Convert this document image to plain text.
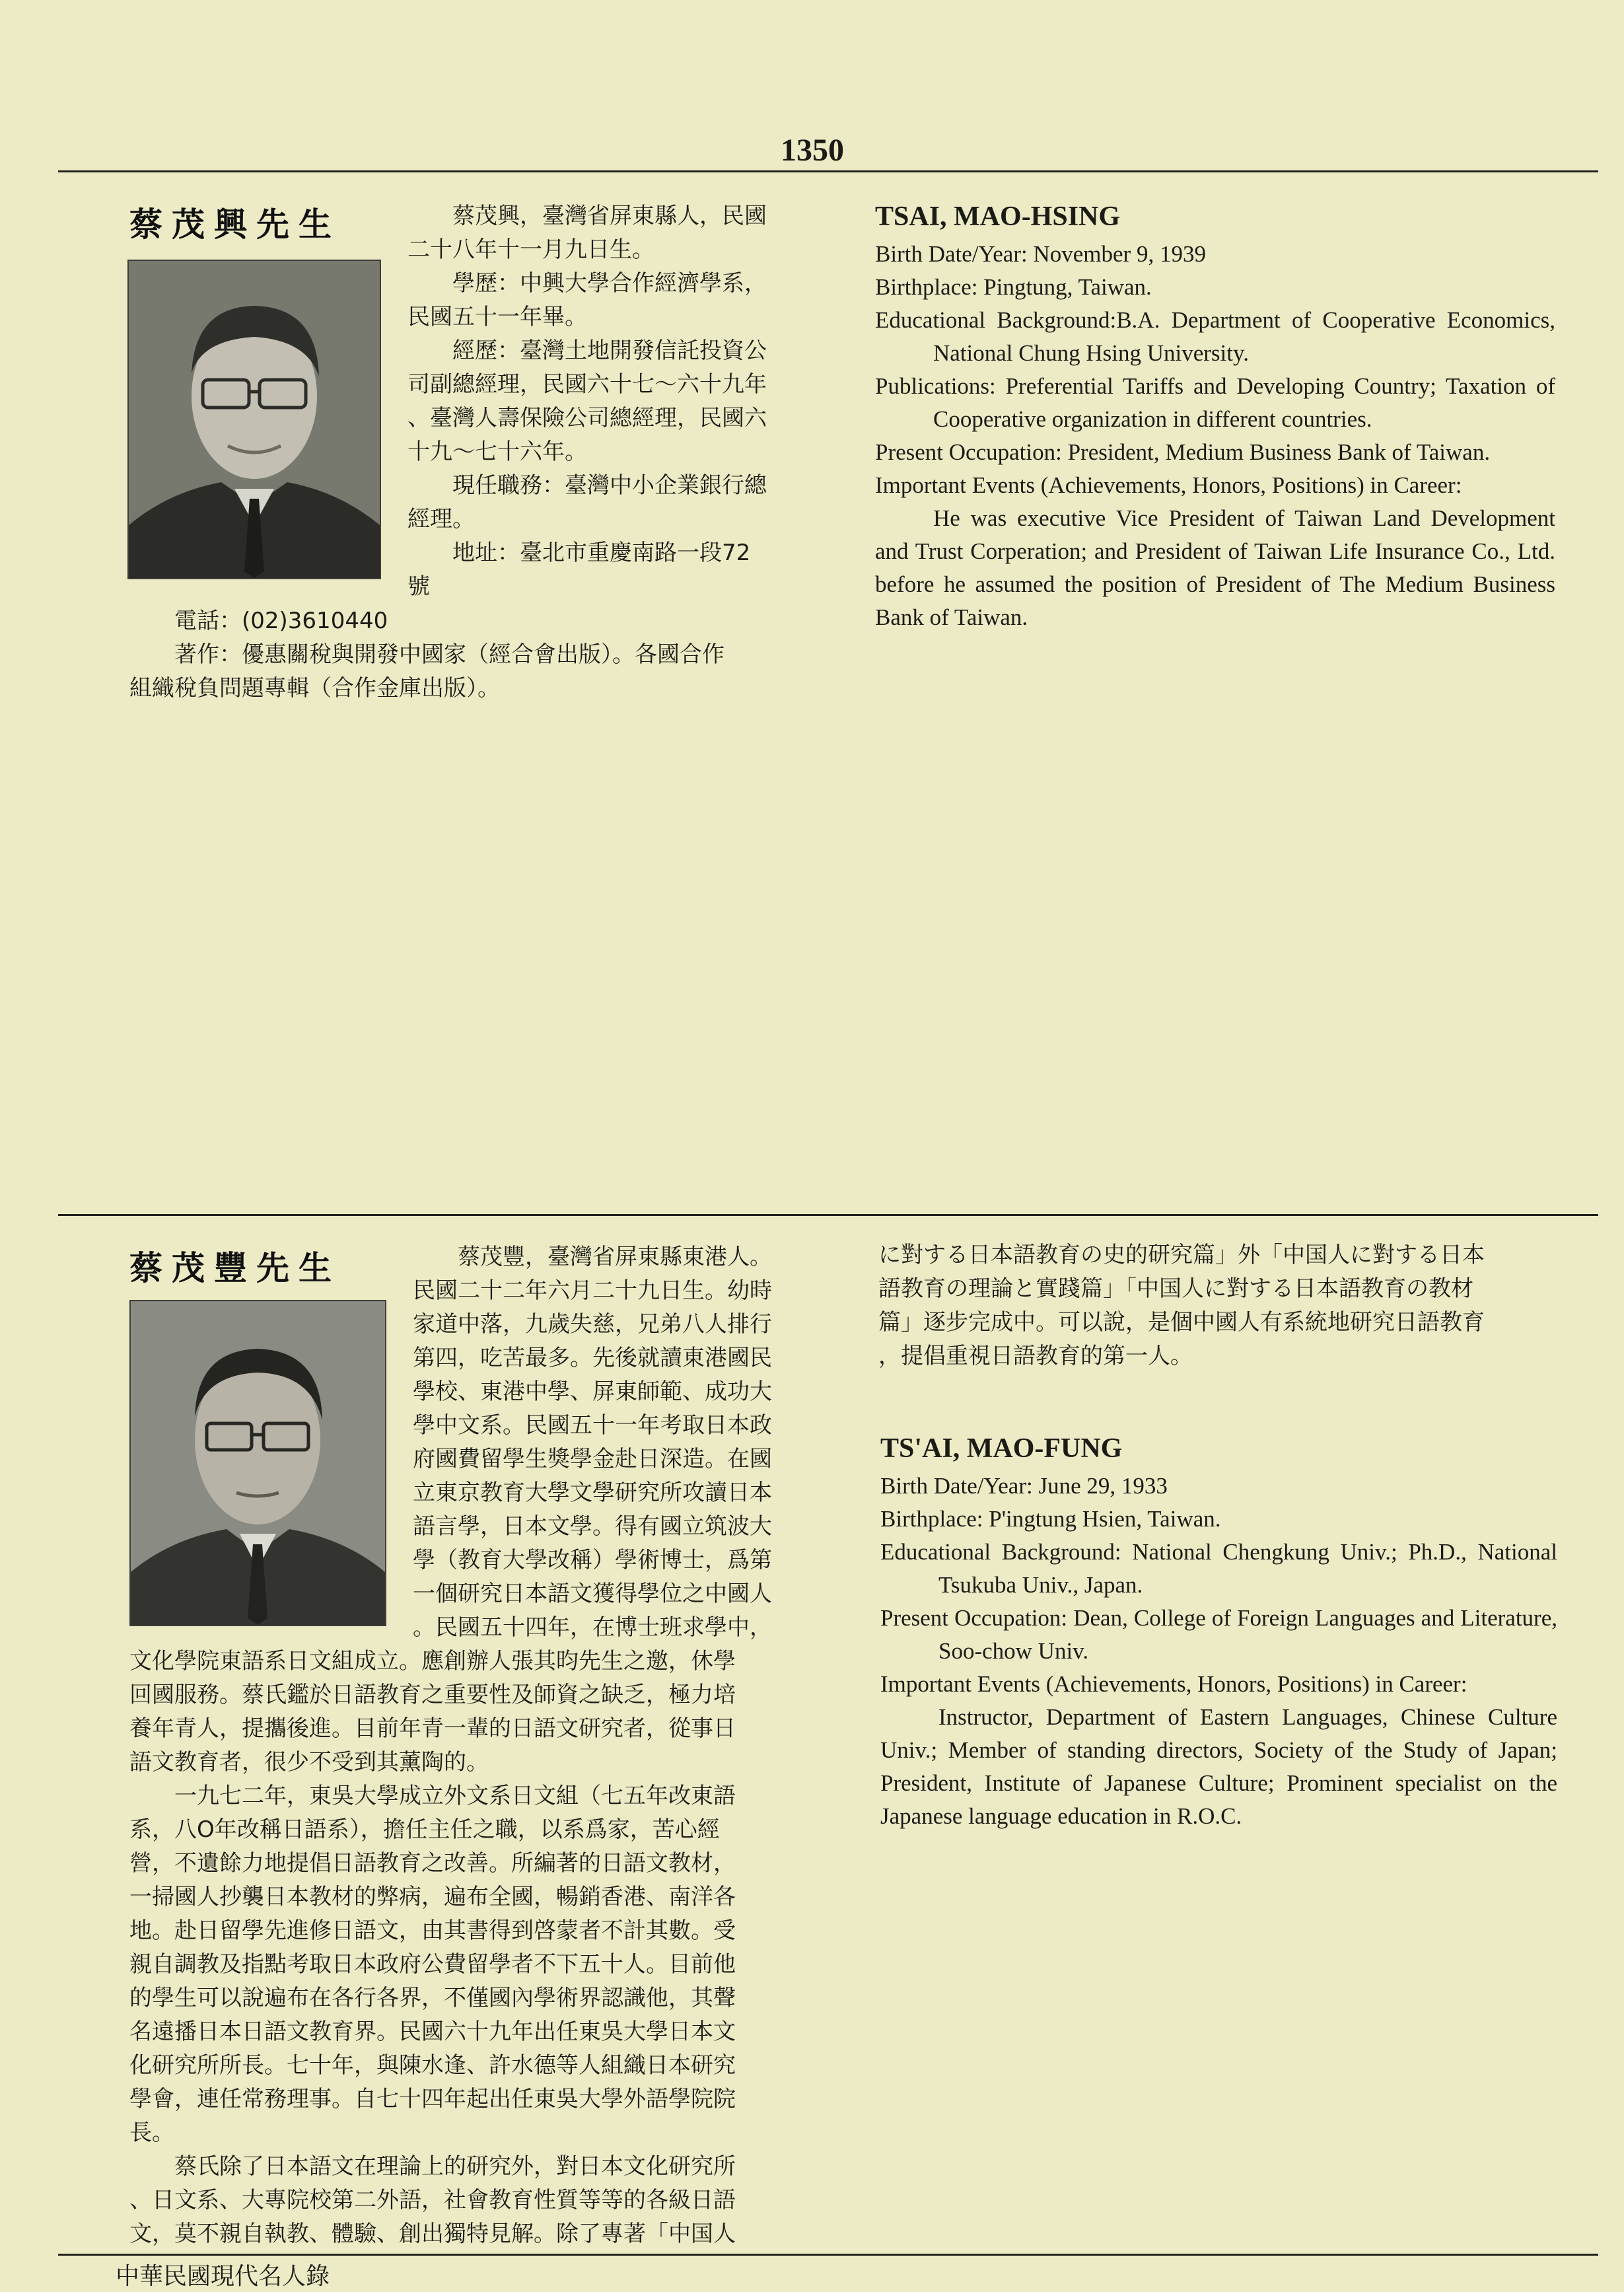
1350
蔡茂興先生	蔡茂興，臺灣省屏東縣人，民國

二十八年十一月九日生。

學歷：中興大學合作經濟學系，

民國五十一年畢。

經歷：臺灣土地開發信託投資公

司副總經理，民國六十七～六十九年

、臺灣人壽保險公司總經理，民國六

十九～七十六年。

現任職務：臺灣中小企業銀行總

經理。

地址：臺北市重慶南路一段72

號

電話：(02)3610440

著作：優惠關稅與開發中國家（經合會出版）。各國合作

組織稅負問題專輯（合作金庫出版）。

TSAI, MAO-HSING

Birth Date/Year: November 9, 1939

Birthplace: Pingtung, Taiwan.

Educational Background:B.A. Department of Cooperative Economics, National Chung Hsing University.

Publications: Preferential Tariffs and Developing Country; Taxation of Cooperative organization in different countries.

Present Occupation: President, Medium Business Bank of Taiwan.

Important Events (Achievements, Honors, Positions) in Career:

He was executive Vice President of Taiwan Land Development and Trust Corperation; and President of Taiwan Life Insurance Co., Ltd. before he assumed the position of President of The Medium Business Bank of Taiwan.

蔡茂豐先生	蔡茂豐，臺灣省屏東縣東港人。

民國二十二年六月二十九日生。幼時

家道中落，九歲失慈，兄弟八人排行

第四，吃苦最多。先後就讀東港國民

學校、東港中學、屏東師範、成功大

學中文系。民國五十一年考取日本政

府國費留學生獎學金赴日深造。在國

立東京教育大學文學研究所攻讀日本

語言學，日本文學。得有國立筑波大

學（教育大學改稱）學術博士，爲第

一個研究日本語文獲得學位之中國人

。民國五十四年，在博士班求學中，

文化學院東語系日文組成立。應創辦人張其昀先生之邀，休學

回國服務。蔡氏鑑於日語教育之重要性及師資之缺乏，極力培

養年青人，提攜後進。目前年青一輩的日語文研究者，從事日

語文教育者，很少不受到其薰陶的。

一九七二年，東吳大學成立外文系日文組（七五年改東語

系，八O年改稱日語系），擔任主任之職，以系爲家，苦心經

營，不遺餘力地提倡日語教育之改善。所編著的日語文教材，

一掃國人抄襲日本教材的弊病，遍布全國，暢銷香港、南洋各

地。赴日留學先進修日語文，由其書得到啓蒙者不計其數。受

親自調教及指點考取日本政府公費留學者不下五十人。目前他

的學生可以說遍布在各行各界，不僅國內學術界認識他，其聲

名遠播日本日語文教育界。民國六十九年出任東吳大學日本文

化研究所所長。七十年，與陳水逢、許水德等人組織日本研究

學會，連任常務理事。自七十四年起出任東吳大學外語學院院

長。

蔡氏除了日本語文在理論上的研究外，對日本文化研究所

、日文系、大專院校第二外語，社會教育性質等等的各級日語

文，莫不親自執教、體驗、創出獨特見解。除了專著「中国人

に對する日本語教育の史的研究篇」外「中国人に對する日本

語教育の理論と實踐篇」「中国人に對する日本語教育の教材

篇」逐步完成中。可以說，是個中國人有系統地研究日語教育

，提倡重視日語教育的第一人。

TS'AI, MAO-FUNG

Birth Date/Year: June 29, 1933

Birthplace: P'ingtung Hsien, Taiwan.

Educational Background: National Chengkung Univ.; Ph.D., National Tsukuba Univ., Japan.

Present Occupation: Dean, College of Foreign Languages and Literature, Soo-chow Univ.

Important Events (Achievements, Honors, Positions) in Career:

Instructor, Department of Eastern Languages, Chinese Culture Univ.; Member of standing directors, Society of the Study of Japan; President, Institute of Japanese Culture; Prominent specialist on the Japanese language education in R.O.C.

中華民國現代名人錄
